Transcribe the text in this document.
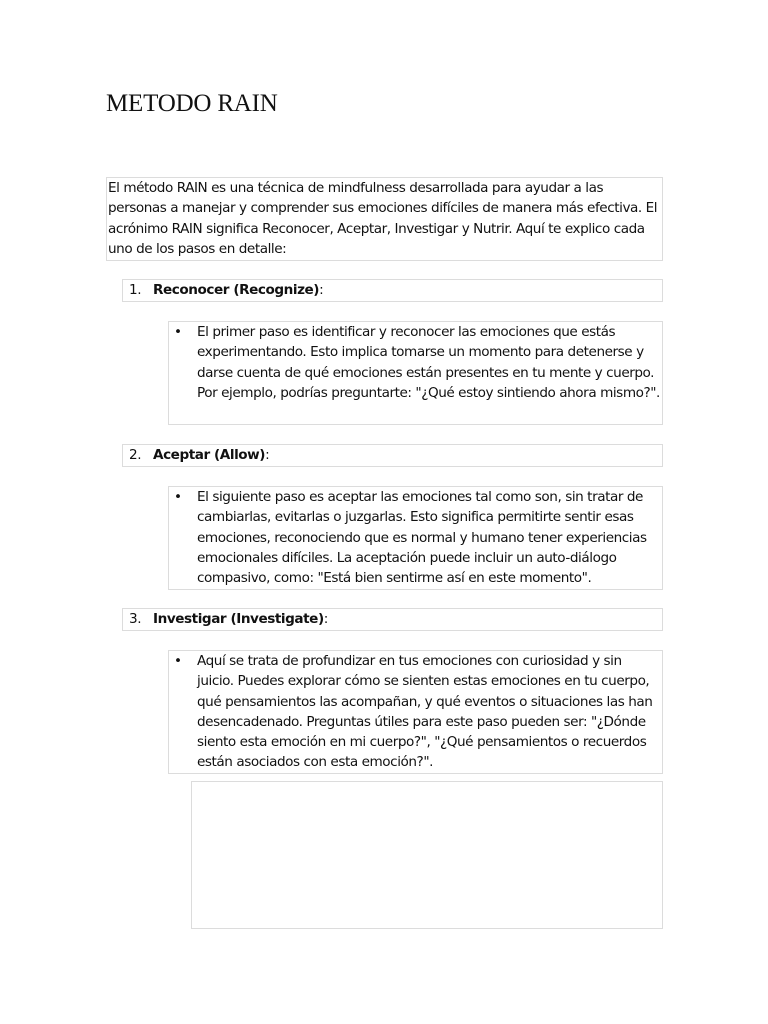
METODO RAIN
El método RAIN es una técnica de mindfulness desarrollada para ayudar a las personas a manejar y comprender sus emociones difíciles de manera más efectiva. El acrónimo RAIN significa Reconocer, Aceptar, Investigar y Nutrir. Aquí te explico cada uno de los pasos en detalle:
1. Reconocer (Recognize):
• El primer paso es identificar y reconocer las emociones que estás experimentando. Esto implica tomarse un momento para detenerse y darse cuenta de qué emociones están presentes en tu mente y cuerpo. Por ejemplo, podrías preguntarte: "¿Qué estoy sintiendo ahora mismo?".
2. Aceptar (Allow):
• El siguiente paso es aceptar las emociones tal como son, sin tratar de cambiarlas, evitarlas o juzgarlas. Esto significa permitirte sentir esas emociones, reconociendo que es normal y humano tener experiencias emocionales difíciles. La aceptación puede incluir un auto-diálogo compasivo, como: "Está bien sentirme así en este momento".
3. Investigar (Investigate):
• Aquí se trata de profundizar en tus emociones con curiosidad y sin juicio. Puedes explorar cómo se sienten estas emociones en tu cuerpo, qué pensamientos las acompañan, y qué eventos o situaciones las han desencadenado. Preguntas útiles para este paso pueden ser: "¿Dónde siento esta emoción en mi cuerpo?", "¿Qué pensamientos o recuerdos están asociados con esta emoción?".
